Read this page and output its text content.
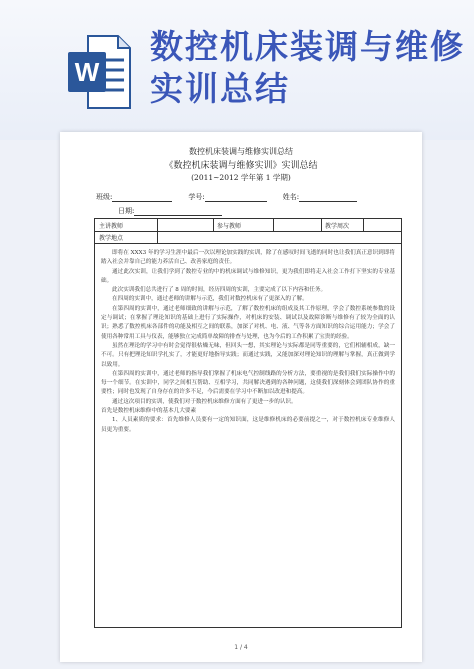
W
数控机床装调与维修实训总结
数控机床装调与维修实训总结
《数控机床装调与维修实训》实训总结
(2011~2012 学年第 1 学期)
班级:	学号:	姓名:
日期:
主讲教师	参与教师	教学周次
教学地点

即将在 XXX3 年的学习生涯中最后一次以理论加实践的实训，除了在感叹时间飞逝的同时也让我们真正意识到即将踏入社会并靠自己的能力养活自己、改善家庭的责任。

通过此次实训，让我们学到了数控专业的中的机床调试与维修知识，更为我们即将走入社会工作打下坚实的专业基础。

此次实训我们总共进行了 8 周的时间，经历四周的实训，主要完成了以下内容和任务。

在四周的实训中，通过老师的讲解与示范，我们对数控机床有了更深入的了解。

在第四周的实训中，通过老师细致的讲解与示范，了解了数控机床的组成及其工作原理，学会了数控系统参数的设定与调试；在掌握了理论知识的基础上进行了实际操作，对机床的安装、调试以及故障诊断与维修有了较为全面的认识；熟悉了数控机床各部件的功能及相互之间的联系，加深了对机、电、液、气等各方面知识的综合运用能力；学会了使用各种常用工具与仪表，能够独立完成简单故障的排查与处理，也为今后的工作积累了宝贵的经验。

虽然在理论的学习中有时会觉得很枯燥无味，但回头一想，其实理论与实际都是同等重要的，它们相辅相成，缺一不可。只有把理论知识学扎实了，才能更好地指导实践；而通过实践，又能加深对理论知识的理解与掌握，真正做到学以致用。

在第四周的实训中，通过老师的指导我们掌握了机床电气控制线路的分析方法，要重视的是我们我们实际操作中的每一个细节。在实训中，同学之间相互帮助、互相学习，共同解决遇到的各种问题，这使我们深刻体会到团队协作的重要性；同时也发现了自身存在的许多不足，今后需要在学习中不断加以改进和提高。

通过这次项目的实训，使我们对于数控机床维修方面有了更进一步的认识。

首先是数控机床维修中的基本几大要素

1、人员素质的要求：首先维修人员要有一定的知识面，这是维修机床的必要前提之一，对于数控机床专业维修人员更为重要。

1 / 4
